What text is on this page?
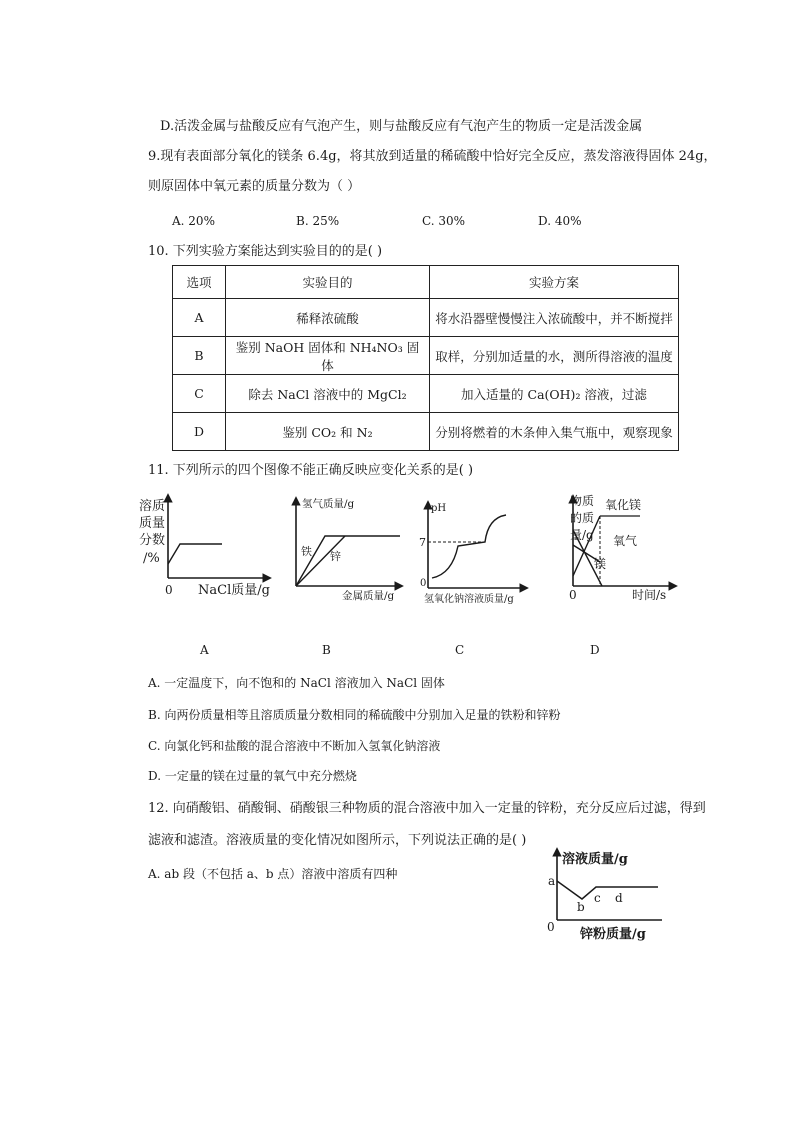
D.活泼金属与盐酸反应有气泡产生，则与盐酸反应有气泡产生的物质一定是活泼金属
9.现有表面部分氧化的镁条 6.4g，将其放到适量的稀硫酸中恰好完全反应，蒸发溶液得固体 24g，
则原固体中氧元素的质量分数为（ ）
A. 20%	B. 25%	C. 30%	D. 40%
10. 下列实验方案能达到实验目的的是( )
选项	实验目的	实验方案
A	稀释浓硫酸	将水沿器壁慢慢注入浓硫酸中，并不断搅拌
B	鉴别 NaOH 固体和 NH₄NO₃ 固体	取样，分别加适量的水，测所得溶液的温度
C	除去 NaCl 溶液中的 MgCl₂	加入适量的 Ca(OH)₂ 溶液，过滤
D	鉴别 CO₂ 和 N₂	分别将燃着的木条伸入集气瓶中，观察现象
11. 下列所示的四个图像不能正确反映应变化关系的是( )
溶质
质量
分数
/%
0 NaCl质量/g
氢气质量/g
铁 锌
金属质量/g
pH
7
0
氢氧化钠溶液质量/g
物质
的质
量/g
氧化镁
氧气
镁
0	时间/s
A	B	C	D
A. 一定温度下，向不饱和的 NaCl 溶液加入 NaCl 固体
B. 向两份质量相等且溶质质量分数相同的稀硫酸中分别加入足量的铁粉和锌粉
C. 向氯化钙和盐酸的混合溶液中不断加入氢氧化钠溶液
D. 一定量的镁在过量的氧气中充分燃烧
12. 向硝酸铝、硝酸铜、硝酸银三种物质的混合溶液中加入一定量的锌粉，充分反应后过滤，得到
滤液和滤渣。溶液质量的变化情况如图所示，下列说法正确的是( )
A. ab 段（不包括 a、b 点）溶液中溶质有四种
溶液质量/g
a
b
c d
0 锌粉质量/g
